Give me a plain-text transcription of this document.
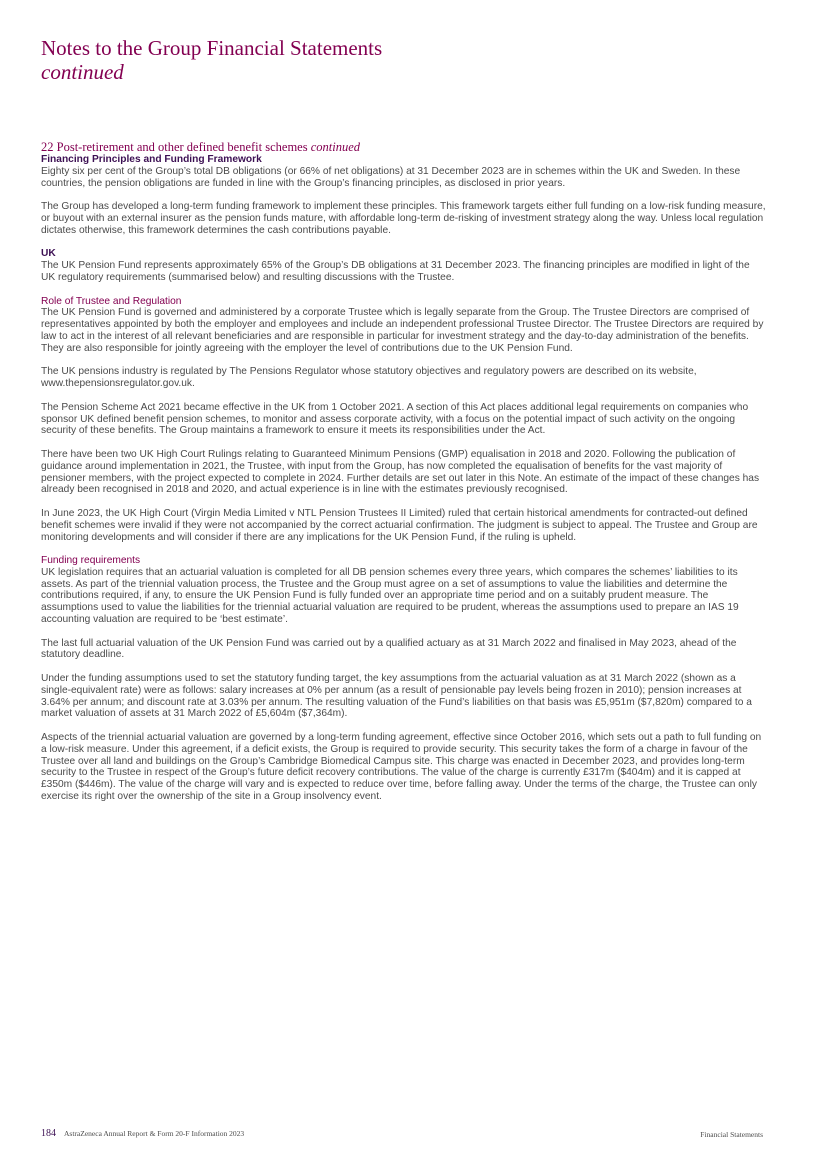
Notes to the Group Financial Statements
continued
22 Post-retirement and other defined benefit schemes continued

Financing Principles and Funding Framework

Eighty six per cent of the Group’s total DB obligations (or 66% of net obligations) at 31 December 2023 are in schemes within the UK and Sweden. In these countries, the pension obligations are funded in line with the Group’s financing principles, as disclosed in prior years.

The Group has developed a long-term funding framework to implement these principles. This framework targets either full funding on a low-risk funding measure, or buyout with an external insurer as the pension funds mature, with affordable long-term de-risking of investment strategy along the way. Unless local regulation dictates otherwise, this framework determines the cash contributions payable.

UK

The UK Pension Fund represents approximately 65% of the Group’s DB obligations at 31 December 2023. The financing principles are modified in light of the UK regulatory requirements (summarised below) and resulting discussions with the Trustee.

Role of Trustee and Regulation

The UK Pension Fund is governed and administered by a corporate Trustee which is legally separate from the Group. The Trustee Directors are comprised of representatives appointed by both the employer and employees and include an independent professional Trustee Director. The Trustee Directors are required by law to act in the interest of all relevant beneficiaries and are responsible in particular for investment strategy and the day-to-day administration of the benefits. They are also responsible for jointly agreeing with the employer the level of contributions due to the UK Pension Fund.

The UK pensions industry is regulated by The Pensions Regulator whose statutory objectives and regulatory powers are described on its website, www.thepensionsregulator.gov.uk.

The Pension Scheme Act 2021 became effective in the UK from 1 October 2021. A section of this Act places additional legal requirements on companies who sponsor UK defined benefit pension schemes, to monitor and assess corporate activity, with a focus on the potential impact of such activity on the ongoing security of these benefits. The Group maintains a framework to ensure it meets its responsibilities under the Act.

There have been two UK High Court Rulings relating to Guaranteed Minimum Pensions (GMP) equalisation in 2018 and 2020. Following the publication of guidance around implementation in 2021, the Trustee, with input from the Group, has now completed the equalisation of benefits for the vast majority of pensioner members, with the project expected to complete in 2024. Further details are set out later in this Note. An estimate of the impact of these changes has already been recognised in 2018 and 2020, and actual experience is in line with the estimates previously recognised.

In June 2023, the UK High Court (Virgin Media Limited v NTL Pension Trustees II Limited) ruled that certain historical amendments for contracted-out defined benefit schemes were invalid if they were not accompanied by the correct actuarial confirmation. The judgment is subject to appeal. The Trustee and Group are monitoring developments and will consider if there are any implications for the UK Pension Fund, if the ruling is upheld.

Funding requirements

UK legislation requires that an actuarial valuation is completed for all DB pension schemes every three years, which compares the schemes’ liabilities to its assets. As part of the triennial valuation process, the Trustee and the Group must agree on a set of assumptions to value the liabilities and determine the contributions required, if any, to ensure the UK Pension Fund is fully funded over an appropriate time period and on a suitably prudent measure. The assumptions used to value the liabilities for the triennial actuarial valuation are required to be prudent, whereas the assumptions used to prepare an IAS 19 accounting valuation are required to be ‘best estimate’.

The last full actuarial valuation of the UK Pension Fund was carried out by a qualified actuary as at 31 March 2022 and finalised in May 2023, ahead of the statutory deadline.

Under the funding assumptions used to set the statutory funding target, the key assumptions from the actuarial valuation as at 31 March 2022 (shown as a single-equivalent rate) were as follows: salary increases at 0% per annum (as a result of pensionable pay levels being frozen in 2010); pension increases at 3.64% per annum; and discount rate at 3.03% per annum. The resulting valuation of the Fund’s liabilities on that basis was £5,951m ($7,820m) compared to a market valuation of assets at 31 March 2022 of £5,604m ($7,364m).

Aspects of the triennial actuarial valuation are governed by a long-term funding agreement, effective since October 2016, which sets out a path to full funding on a low-risk measure. Under this agreement, if a deficit exists, the Group is required to provide security. This security takes the form of a charge in favour of the Trustee over all land and buildings on the Group’s Cambridge Biomedical Campus site. This charge was enacted in December 2023, and provides long-term security to the Trustee in respect of the Group’s future deficit recovery contributions. The value of the charge is currently £317m ($404m) and it is capped at £350m ($446m). The value of the charge will vary and is expected to reduce over time, before falling away. Under the terms of the charge, the Trustee can only exercise its right over the ownership of the site in a Group insolvency event.

184 AstraZeneca Annual Report & Form 20-F Information 2023	Financial Statements
